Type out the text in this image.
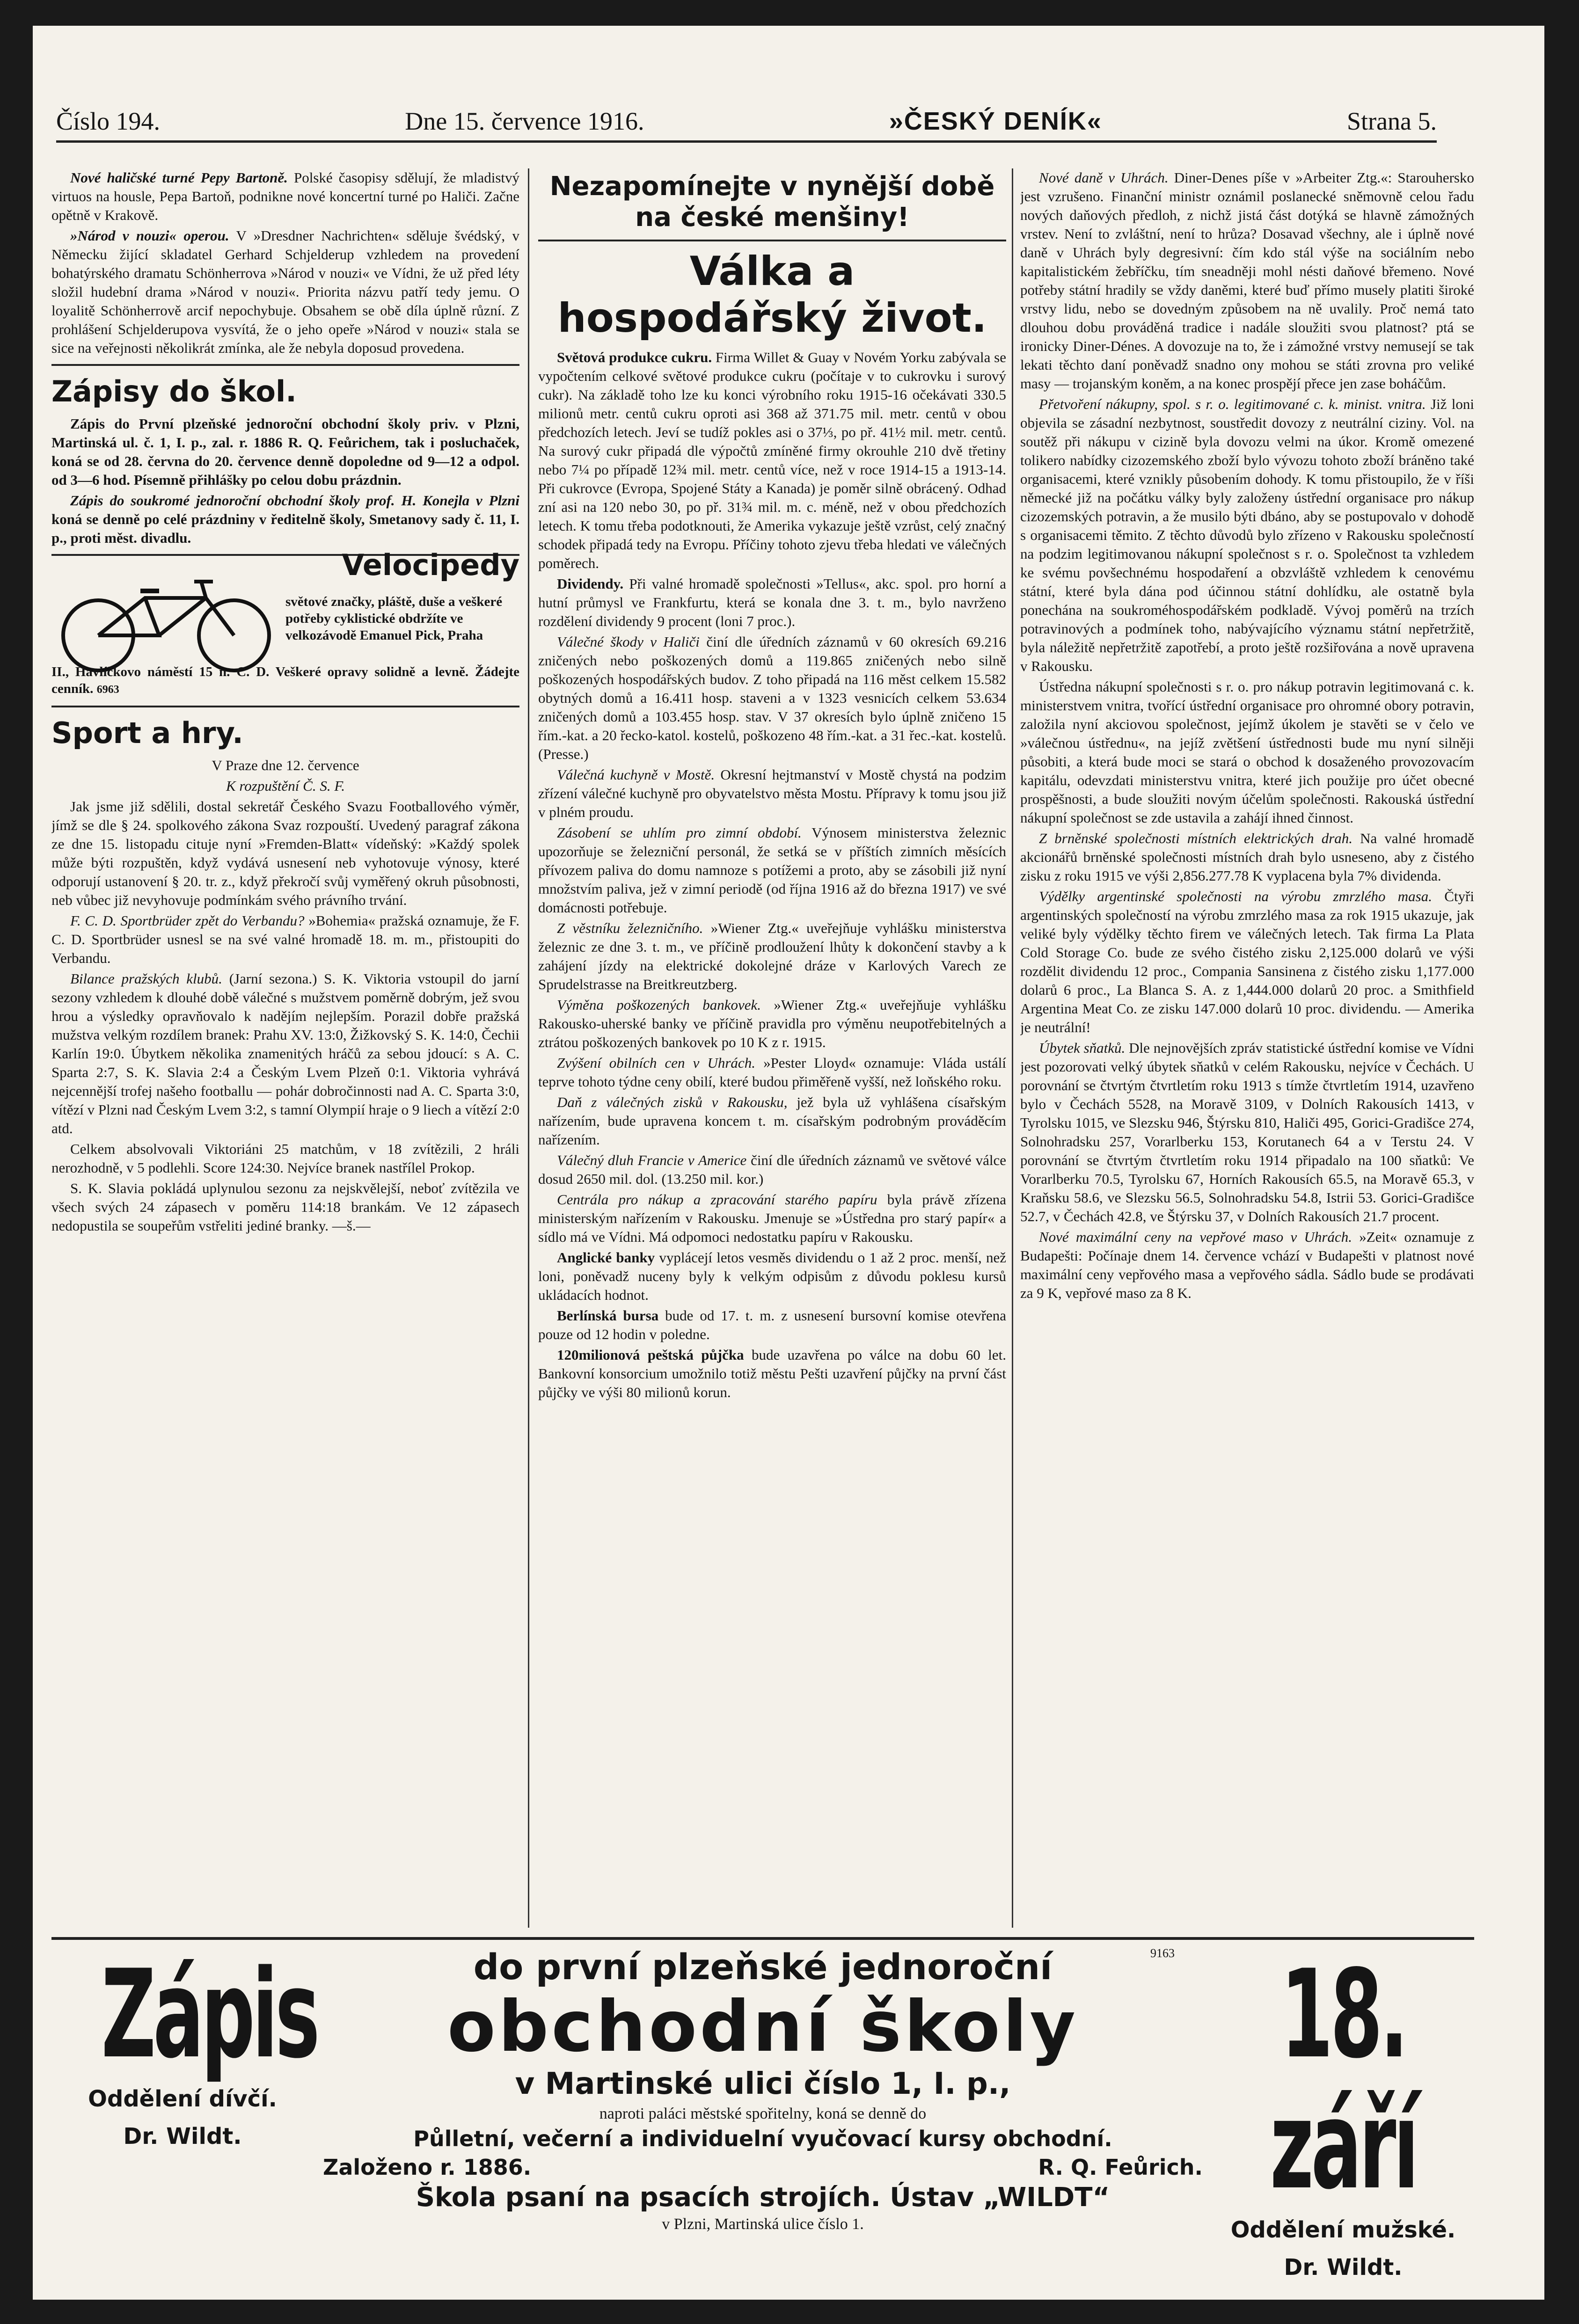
Číslo 194.	Dne 15. července 1916.	»ČESKÝ DENÍK«	Strana 5.

Nové haličské turné Pepy Bartoně. Polské časopisy sdělují, že mladistvý virtuos na housle, Pepa Bartoň, podnikne nové koncertní turné po Haliči. Začne opětně v Krakově.

»Národ v nouzi« operou. V »Dresdner Nachrichten« sděluje švédský, v Německu žijící skladatel Gerhard Schjelderup vzhledem na provedení bohatýrského dramatu Schönherrova »Národ v nouzi« ve Vídni, že už před léty složil hudební drama »Národ v nouzi«. Priorita názvu patří tedy jemu. O loyalitě Schönherrově arcif nepochybuje. Obsahem se obě díla úplně různí. Z prohlášení Schjelderupova vysvítá, že o jeho opeře »Národ v nouzi« stala se sice na veřejnosti několikrát zmínka, ale že nebyla doposud provedena.

Zápisy do škol.

Zápis do První plzeňské jednoroční obchodní školy priv. v Plzni, Martinská ul. č. 1, I. p., zal. r. 1886 R. Q. Feůrichem, tak i posluchaček, koná se od 28. června do 20. července denně dopoledne od 9—12 a odpol. od 3—6 hod. Písemně přihlášky po celou dobu prázdnin.

Zápis do soukromé jednoroční obchodní školy prof. H. Konejla v Plzni koná se denně po celé prázdniny v ředitelně školy, Smetanovy sady č. 11, I. p., proti měst. divadlu.

Velocipedy
světové značky, pláště, duše a veškeré potřeby cyklistické obdržíte ve velkozávodě Emanuel Pick, Praha
II., Havlíčkovo náměstí 15 n. C. D. Veškeré opravy solidně a levně. Žádejte cenník. 6963
Sport a hry.

V Praze dne 12. července

K rozpuštění Č. S. F.

Jak jsme již sdělili, dostal sekretář Českého Svazu Footballového výměr, jímž se dle § 24. spolkového zákona Svaz rozpouští. Uvedený paragraf zákona ze dne 15. listopadu cituje nyní »Fremden-Blatt« vídeňský: »Každý spolek může býti rozpuštěn, když vydává usnesení neb vyhotovuje výnosy, které odporují ustanovení § 20. tr. z., když překročí svůj vyměřený okruh působnosti, neb vůbec již nevyhovuje podmínkám svého právního trvání.

F. C. D. Sportbrüder zpět do Verbandu? »Bohemia« pražská oznamuje, že F. C. D. Sportbrüder usnesl se na své valné hromadě 18. m. m., přistoupiti do Verbandu.

Bilance pražských klubů. (Jarní sezona.) S. K. Viktoria vstoupil do jarní sezony vzhledem k dlouhé době válečné s mužstvem poměrně dobrým, jež svou hrou a výsledky opravňovalo k nadějím nejlepším. Porazil dobře pražská mužstva velkým rozdílem branek: Prahu XV. 13:0, Žižkovský S. K. 14:0, Čechii Karlín 19:0. Úbytkem několika znamenitých hráčů za sebou jdoucí: s A. C. Sparta 2:7, S. K. Slavia 2:4 a Českým Lvem Plzeň 0:1. Viktoria vyhrává nejcennější trofej našeho footballu — pohár dobročinnosti nad A. C. Sparta 3:0, vítězí v Plzni nad Českým Lvem 3:2, s tamní Olympií hraje o 9 liech a vítězí 2:0 atd.

Celkem absolvovali Viktoriáni 25 matchům, v 18 zvítězili, 2 hráli nerozhodně, v 5 podlehli. Score 124:30. Nejvíce branek nastřílel Prokop.

S. K. Slavia pokládá uplynulou sezonu za nejskvělejší, neboť zvítězila ve všech svých 24 zápasech v poměru 114:18 brankám. Ve 12 zápasech nedopustila se soupeřům vstřeliti jediné branky. —š.—

Nezapomínejte v nynější době na české menšiny!
Válka a hospodářský život.

Světová produkce cukru. Firma Willet & Guay v Novém Yorku zabývala se vypočtením celkové světové produkce cukru (počítaje v to cukrovku i surový cukr). Na základě toho lze ku konci výrobního roku 1915-16 očekávati 330.5 milionů metr. centů cukru oproti asi 368 až 371.75 mil. metr. centů v obou předchozích letech. Jeví se tudíž pokles asi o 37⅓, po př. 41½ mil. metr. centů. Na surový cukr připadá dle výpočtů zmíněné firmy okrouhle 210 dvě třetiny nebo 7¼ po případě 12¾ mil. metr. centů více, než v roce 1914-15 a 1913-14. Při cukrovce (Evropa, Spojené Státy a Kanada) je poměr silně obrácený. Odhad zní asi na 120 nebo 30, po př. 31¾ mil. m. c. méně, než v obou předchozích letech. K tomu třeba podotknouti, že Amerika vykazuje ještě vzrůst, celý značný schodek připadá tedy na Evropu. Příčiny tohoto zjevu třeba hledati ve válečných poměrech.

Dividendy. Při valné hromadě společnosti »Tellus«, akc. spol. pro horní a hutní průmysl ve Frankfurtu, která se konala dne 3. t. m., bylo navrženo rozdělení dividendy 9 procent (loni 7 proc.).

Válečné škody v Haliči činí dle úředních záznamů v 60 okresích 69.216 zničených nebo poškozených domů a 119.865 zničených nebo silně poškozených hospodářských budov. Z toho připadá na 116 měst celkem 15.582 obytných domů a 16.411 hosp. staveni a v 1323 vesnicích celkem 53.634 zničených domů a 103.455 hosp. stav. V 37 okresích bylo úplně zničeno 15 řím.-kat. a 20 řecko-katol. kostelů, poškozeno 48 řím.-kat. a 31 řec.-kat. kostelů. (Presse.)

Válečná kuchyně v Mostě. Okresní hejtmanství v Mostě chystá na podzim zřízení válečné kuchyně pro obyvatelstvo města Mostu. Přípravy k tomu jsou již v plném proudu.

Zásobení se uhlím pro zimní období. Výnosem ministerstva železnic upozorňuje se železniční personál, že setká se v příštích zimních měsících přívozem paliva do domu namnoze s potížemi a proto, aby se zásobili již nyní množstvím paliva, jež v zimní periodě (od října 1916 až do března 1917) ve své domácnosti potřebuje.

Z věstníku železničního. »Wiener Ztg.« uveřejňuje vyhlášku ministerstva železnic ze dne 3. t. m., ve příčině prodloužení lhůty k dokončení stavby a k zahájení jízdy na elektrické dokolejné dráze v Karlových Varech ze Sprudelstrasse na Breitkreutzberg.

Výměna poškozených bankovek. »Wiener Ztg.« uveřejňuje vyhlášku Rakousko-uherské banky ve příčině pravidla pro výměnu neupotřebitelných a ztrátou poškozených bankovek po 10 K z r. 1915.

Zvýšení obilních cen v Uhrách. »Pester Lloyd« oznamuje: Vláda ustálí teprve tohoto týdne ceny obilí, které budou přiměřeně vyšší, než loňského roku.

Daň z válečných zisků v Rakousku, jež byla už vyhlášena císařským nařízením, bude upravena koncem t. m. císařským podrobným prováděcím nařízením.

Válečný dluh Francie v Americe činí dle úředních záznamů ve světové válce dosud 2650 mil. dol. (13.250 mil. kor.)

Centrála pro nákup a zpracování starého papíru byla právě zřízena ministerským nařízením v Rakousku. Jmenuje se »Ústředna pro starý papír« a sídlo má ve Vídni. Má odpomoci nedostatku papíru v Rakousku.

Anglické banky vyplácejí letos vesměs dividendu o 1 až 2 proc. menší, než loni, poněvadž nuceny byly k velkým odpisům z důvodu poklesu kursů ukládacích hodnot.

Berlínská bursa bude od 17. t. m. z usnesení bursovní komise otevřena pouze od 12 hodin v poledne.

120milionová peštská půjčka bude uzavřena po válce na dobu 60 let. Bankovní konsorcium umožnilo totiž městu Pešti uzavření půjčky na první část půjčky ve výši 80 milionů korun.

Nové daně v Uhrách. Diner-Denes píše v »Arbeiter Ztg.«: Starouhersko jest vzrušeno. Finanční ministr oznámil poslanecké sněmovně celou řadu nových daňových předloh, z nichž jistá část dotýká se hlavně zámožných vrstev. Není to zvláštní, není to hrůza? Dosavad všechny, ale i úplně nové daně v Uhrách byly degresivní: čím kdo stál výše na sociálním nebo kapitalistickém žebříčku, tím sneadněji mohl nésti daňové břemeno. Nové potřeby státní hradily se vždy daněmi, které buď přímo musely platiti široké vrstvy lidu, nebo se dovedným způsobem na ně uvalily. Proč nemá tato dlouhou dobu prováděná tradice i nadále sloužiti svou platnost? ptá se ironicky Diner-Dénes. A dovozuje na to, že i zámožné vrstvy nemusejí se tak lekati těchto daní poněvadž snadno ony mohou se státi zrovna pro veliké masy — trojanským koněm, a na konec prospějí přece jen zase boháčům.

Přetvoření nákupny, spol. s r. o. legitimované c. k. minist. vnitra. Již loni objevila se zásadní nezbytnost, soustředit dovozy z neutrální ciziny. Vol. na soutěž při nákupu v cizině byla dovozu velmi na úkor. Kromě omezené tolikero nabídky cizozemského zboží bylo vývozu tohoto zboží bráněno také organisacemi, které vznikly působením dohody. K tomu přistoupilo, že v říši německé již na počátku války byly založeny ústřední organisace pro nákup cizozemských potravin, a že musilo býti dbáno, aby se postupovalo v dohodě s organisacemi těmito. Z těchto důvodů bylo zřízeno v Rakousku společností na podzim legitimovanou nákupní společnost s r. o. Společnost ta vzhledem ke svému povšechnému hospodaření a obzvláště vzhledem k cenovému státní, které byla dána pod účinnou státní dohlídku, ale ostatně byla ponechána na soukroméhospodářském podkladě. Vývoj poměrů na trzích potravinových a podmínek toho, nabývajícího významu státní nepřetržitě, byla náležitě nepřetržitě zapotřebí, a proto ještě rozšiřována a nově upravena v Rakousku.

Ústředna nákupní společnosti s r. o. pro nákup potravin legitimovaná c. k. ministerstvem vnitra, tvořící ústřední organisace pro ohromné obory potravin, založila nyní akciovou společnost, jejímž úkolem je stavěti se v čelo ve »válečnou ústřednu«, na jejíž zvětšení ústřednosti bude mu nyní silněji působiti, a která bude moci se stará o obchod k dosaženého provozovacím kapitálu, odevzdati ministerstvu vnitra, které jich použije pro účet obecné prospěšnosti, a bude sloužiti novým účelům společnosti. Rakouská ústřední nákupní společnost se zde ustavila a zahájí ihned činnost.

Z brněnské společnosti místních elektrických drah. Na valné hromadě akcionářů brněnské společnosti místních drah bylo usneseno, aby z čistého zisku z roku 1915 ve výši 2,856.277.78 K vyplacena byla 7% dividenda.

Výdělky argentinské společnosti na výrobu zmrzlého masa. Čtyři argentinských společností na výrobu zmrzlého masa za rok 1915 ukazuje, jak veliké byly výdělky těchto firem ve válečných letech. Tak firma La Plata Cold Storage Co. bude ze svého čistého zisku 2,125.000 dolarů ve výši rozdělit dividendu 12 proc., Compania Sansinena z čistého zisku 1,177.000 dolarů 6 proc., La Blanca S. A. z 1,444.000 dolarů 20 proc. a Smithfield Argentina Meat Co. ze zisku 147.000 dolarů 10 proc. dividendu. — Amerika je neutrální!

Úbytek sňatků. Dle nejnovějších zpráv statistické ústřední komise ve Vídni jest pozorovati velký úbytek sňatků v celém Rakousku, nejvíce v Čechách. U porovnání se čtvrtým čtvrtletím roku 1913 s tímže čtvrtletím 1914, uzavřeno bylo v Čechách 5528, na Moravě 3109, v Dolních Rakousích 1413, v Tyrolsku 1015, ve Slezsku 946, Štýrsku 810, Haliči 495, Gorici-Gradišce 274, Solnohradsku 257, Vorarlberku 153, Korutanech 64 a v Terstu 24. V porovnání se čtvrtým čtvrtletím roku 1914 připadalo na 100 sňatků: Ve Vorarlberku 70.5, Tyrolsku 67, Horních Rakousích 65.5, na Moravě 65.3, v Kraňsku 58.6, ve Slezsku 56.5, Solnohradsku 54.8, Istrii 53. Gorici-Gradišce 52.7, v Čechách 42.8, ve Štýrsku 37, v Dolních Rakousích 21.7 procent.

Nové maximální ceny na vepřové maso v Uhrách. »Zeit« oznamuje z Budapešti: Počínaje dnem 14. července vchází v Budapešti v platnost nové maximální ceny vepřového masa a vepřového sádla. Sádlo bude se prodávati za 9 K, vepřové maso za 8 K.

Zápis
Oddělení dívčí.
Dr. Wildt.
9163
do první plzeňské jednoroční
obchodní školy
v Martinské ulici číslo 1, I. p.,
naproti paláci městské spořitelny, koná se denně do
Půlletní, večerní a individuelní vyučovací kursy obchodní.
Založeno r. 1886.	R. Q. Feůrich.
Škola psaní na psacích strojích. Ústav „WILDT“
v Plzni, Martinská ulice číslo 1.
18. září
Oddělení mužské.
Dr. Wildt.
